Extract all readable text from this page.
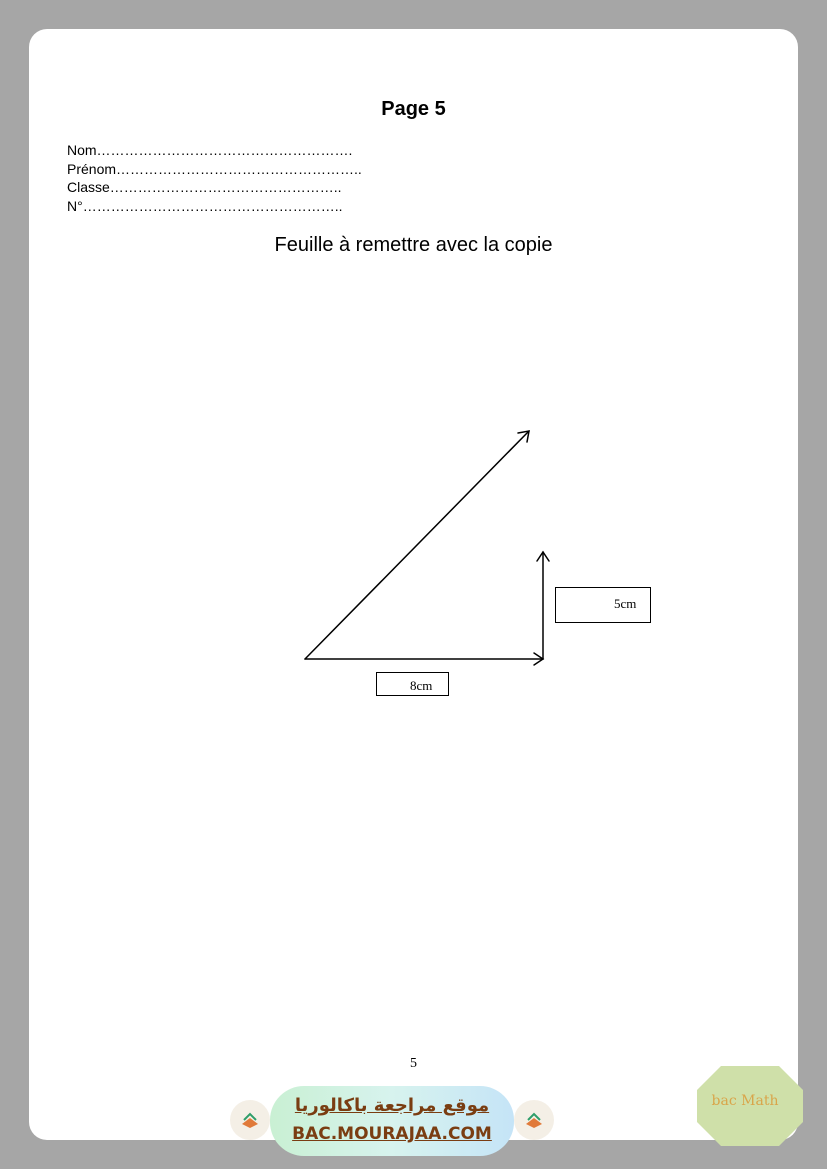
Page 5
Nom……………………………………………….
Prénom……………………………………………..
Classe…………………………………………..
N°………………………………………………..
Feuille à remettre avec la copie
5cm
8cm
5
موقع مراجعة باكالوريا
BAC.MOURAJAA.COM
bac Math
